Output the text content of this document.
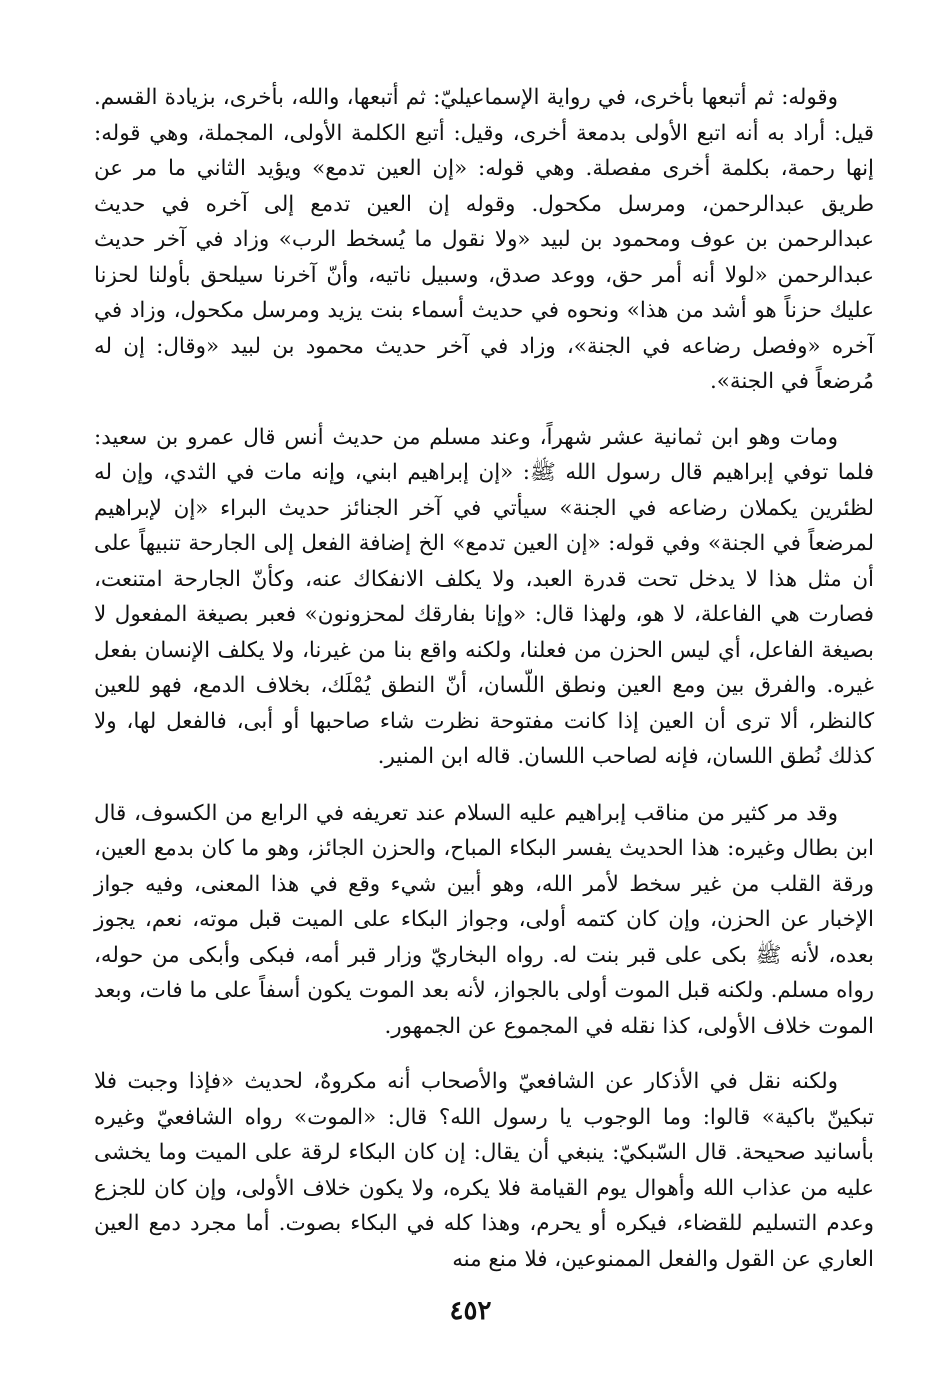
وقوله: ثم أتبعها بأخرى، في رواية الإسماعيليّ: ثم أتبعها، والله، بأخرى، بزيادة القسم. قيل: أراد به أنه اتبع الأولى بدمعة أخرى، وقيل: أتبع الكلمة الأولى، المجملة، وهي قوله: إنها رحمة، بكلمة أخرى مفصلة. وهي قوله: «إن العين تدمع» ويؤيد الثاني ما مر عن طريق عبدالرحمن، ومرسل مكحول. وقوله إن العين تدمع إلى آخره في حديث عبدالرحمن بن عوف ومحمود بن لبيد «ولا نقول ما يُسخط الرب» وزاد في آخر حديث عبدالرحمن «لولا أنه أمر حق، ووعد صدق، وسبيل ناتيه، وأنّ آخرنا سيلحق بأولنا لحزنا عليك حزناً هو أشد من هذا» ونحوه في حديث أسماء بنت يزيد ومرسل مكحول، وزاد في آخره «وفصل رضاعه في الجنة»، وزاد في آخر حديث محمود بن لبيد «وقال: إن له مُرضعاً في الجنة».

ومات وهو ابن ثمانية عشر شهراً، وعند مسلم من حديث أنس قال عمرو بن سعيد: فلما توفي إبراهيم قال رسول الله ﷺ: «إن إبراهيم ابني، وإنه مات في الثدي، وإن له لظئرين يكملان رضاعه في الجنة» سيأتي في آخر الجنائز حديث البراء «إن لإبراهيم لمرضعاً في الجنة» وفي قوله: «إن العين تدمع» الخ إضافة الفعل إلى الجارحة تنبيهاً على أن مثل هذا لا يدخل تحت قدرة العبد، ولا يكلف الانفكاك عنه، وكأنّ الجارحة امتنعت، فصارت هي الفاعلة، لا هو، ولهذا قال: «وإنا بفارقك لمحزونون» فعبر بصيغة المفعول لا بصيغة الفاعل، أي ليس الحزن من فعلنا، ولكنه واقع بنا من غيرنا، ولا يكلف الإنسان بفعل غيره. والفرق بين ومع العين ونطق اللّسان، أنّ النطق يُمْلَك، بخلاف الدمع، فهو للعين كالنظر، ألا ترى أن العين إذا كانت مفتوحة نظرت شاء صاحبها أو أبى، فالفعل لها، ولا كذلك نُطق اللسان، فإنه لصاحب اللسان. قاله ابن المنير.

وقد مر كثير من مناقب إبراهيم عليه السلام عند تعريفه في الرابع من الكسوف، قال ابن بطال وغيره: هذا الحديث يفسر البكاء المباح، والحزن الجائز، وهو ما كان بدمع العين، ورقة القلب من غير سخط لأمر الله، وهو أبين شيء وقع في هذا المعنى، وفيه جواز الإخبار عن الحزن، وإن كان كتمه أولى، وجواز البكاء على الميت قبل موته، نعم، يجوز بعده، لأنه ﷺ بكى على قبر بنت له. رواه البخاريّ وزار قبر أمه، فبكى وأبكى من حوله، رواه مسلم. ولكنه قبل الموت أولى بالجواز، لأنه بعد الموت يكون أسفاً على ما فات، وبعد الموت خلاف الأولى، كذا نقله في المجموع عن الجمهور.

ولكنه نقل في الأذكار عن الشافعيّ والأصحاب أنه مكروهٌ، لحديث «فإذا وجبت فلا تبكينّ باكية» قالوا: وما الوجوب يا رسول الله؟ قال: «الموت» رواه الشافعيّ وغيره بأسانيد صحيحة. قال السّبكيّ: ينبغي أن يقال: إن كان البكاء لرقة على الميت وما يخشى عليه من عذاب الله وأهوال يوم القيامة فلا يكره، ولا يكون خلاف الأولى، وإن كان للجزع وعدم التسليم للقضاء، فيكره أو يحرم، وهذا كله في البكاء بصوت. أما مجرد دمع العين العاري عن القول والفعل الممنوعين، فلا منع منه

٤٥٢
